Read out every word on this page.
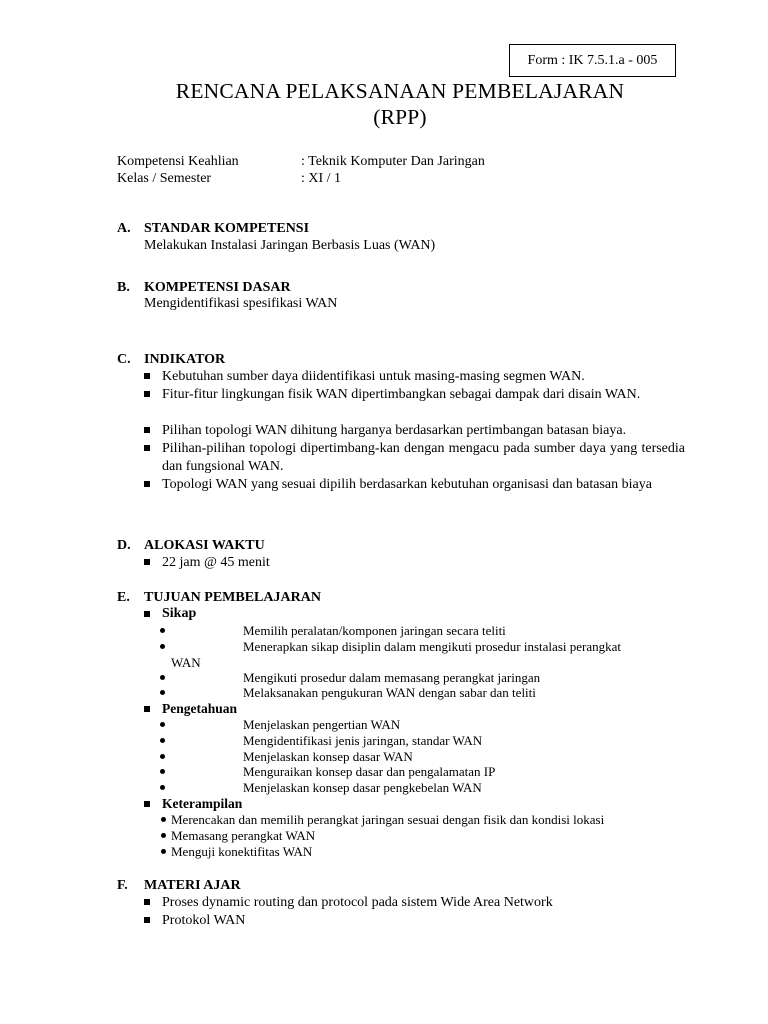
Form : IK 7.5.1.a - 005
RENCANA PELAKSANAAN PEMBELAJARAN
(RPP)
Kompetensi Keahlian	: Teknik Komputer Dan Jaringan
Kelas / Semester	: XI / 1
A. STANDAR KOMPETENSI
Melakukan Instalasi Jaringan Berbasis Luas (WAN)
B. KOMPETENSI DASAR
Mengidentifikasi spesifikasi WAN
C. INDIKATOR
Kebutuhan sumber daya diidentifikasi untuk masing-masing segmen WAN.
Fitur-fitur lingkungan fisik WAN dipertimbangkan sebagai dampak dari disain WAN.
Pilihan topologi WAN dihitung harganya berdasarkan pertimbangan batasan biaya.
Pilihan-pilihan topologi dipertimbang-kan dengan mengacu pada sumber daya yang tersedia dan fungsional WAN.
Topologi WAN yang sesuai dipilih berdasarkan kebutuhan organisasi dan batasan biaya
D. ALOKASI WAKTU
22 jam @ 45 menit
E. TUJUAN PEMBELAJARAN
Sikap
Memilih peralatan/komponen jaringan secara teliti
Menerapkan sikap disiplin dalam mengikuti prosedur instalasi perangkat
WAN
Mengikuti prosedur dalam memasang perangkat jaringan
Melaksanakan pengukuran WAN dengan sabar dan teliti
Pengetahuan
Menjelaskan pengertian WAN
Mengidentifikasi jenis jaringan, standar WAN
Menjelaskan konsep dasar WAN
Menguraikan konsep dasar dan pengalamatan IP
Menjelaskan konsep dasar pengkebelan WAN
Keterampilan
Merencakan dan memilih perangkat jaringan sesuai dengan fisik dan kondisi lokasi
Memasang perangkat WAN
Menguji konektifitas WAN
F. MATERI AJAR
Proses dynamic routing dan protocol pada sistem Wide Area Network
Protokol WAN
